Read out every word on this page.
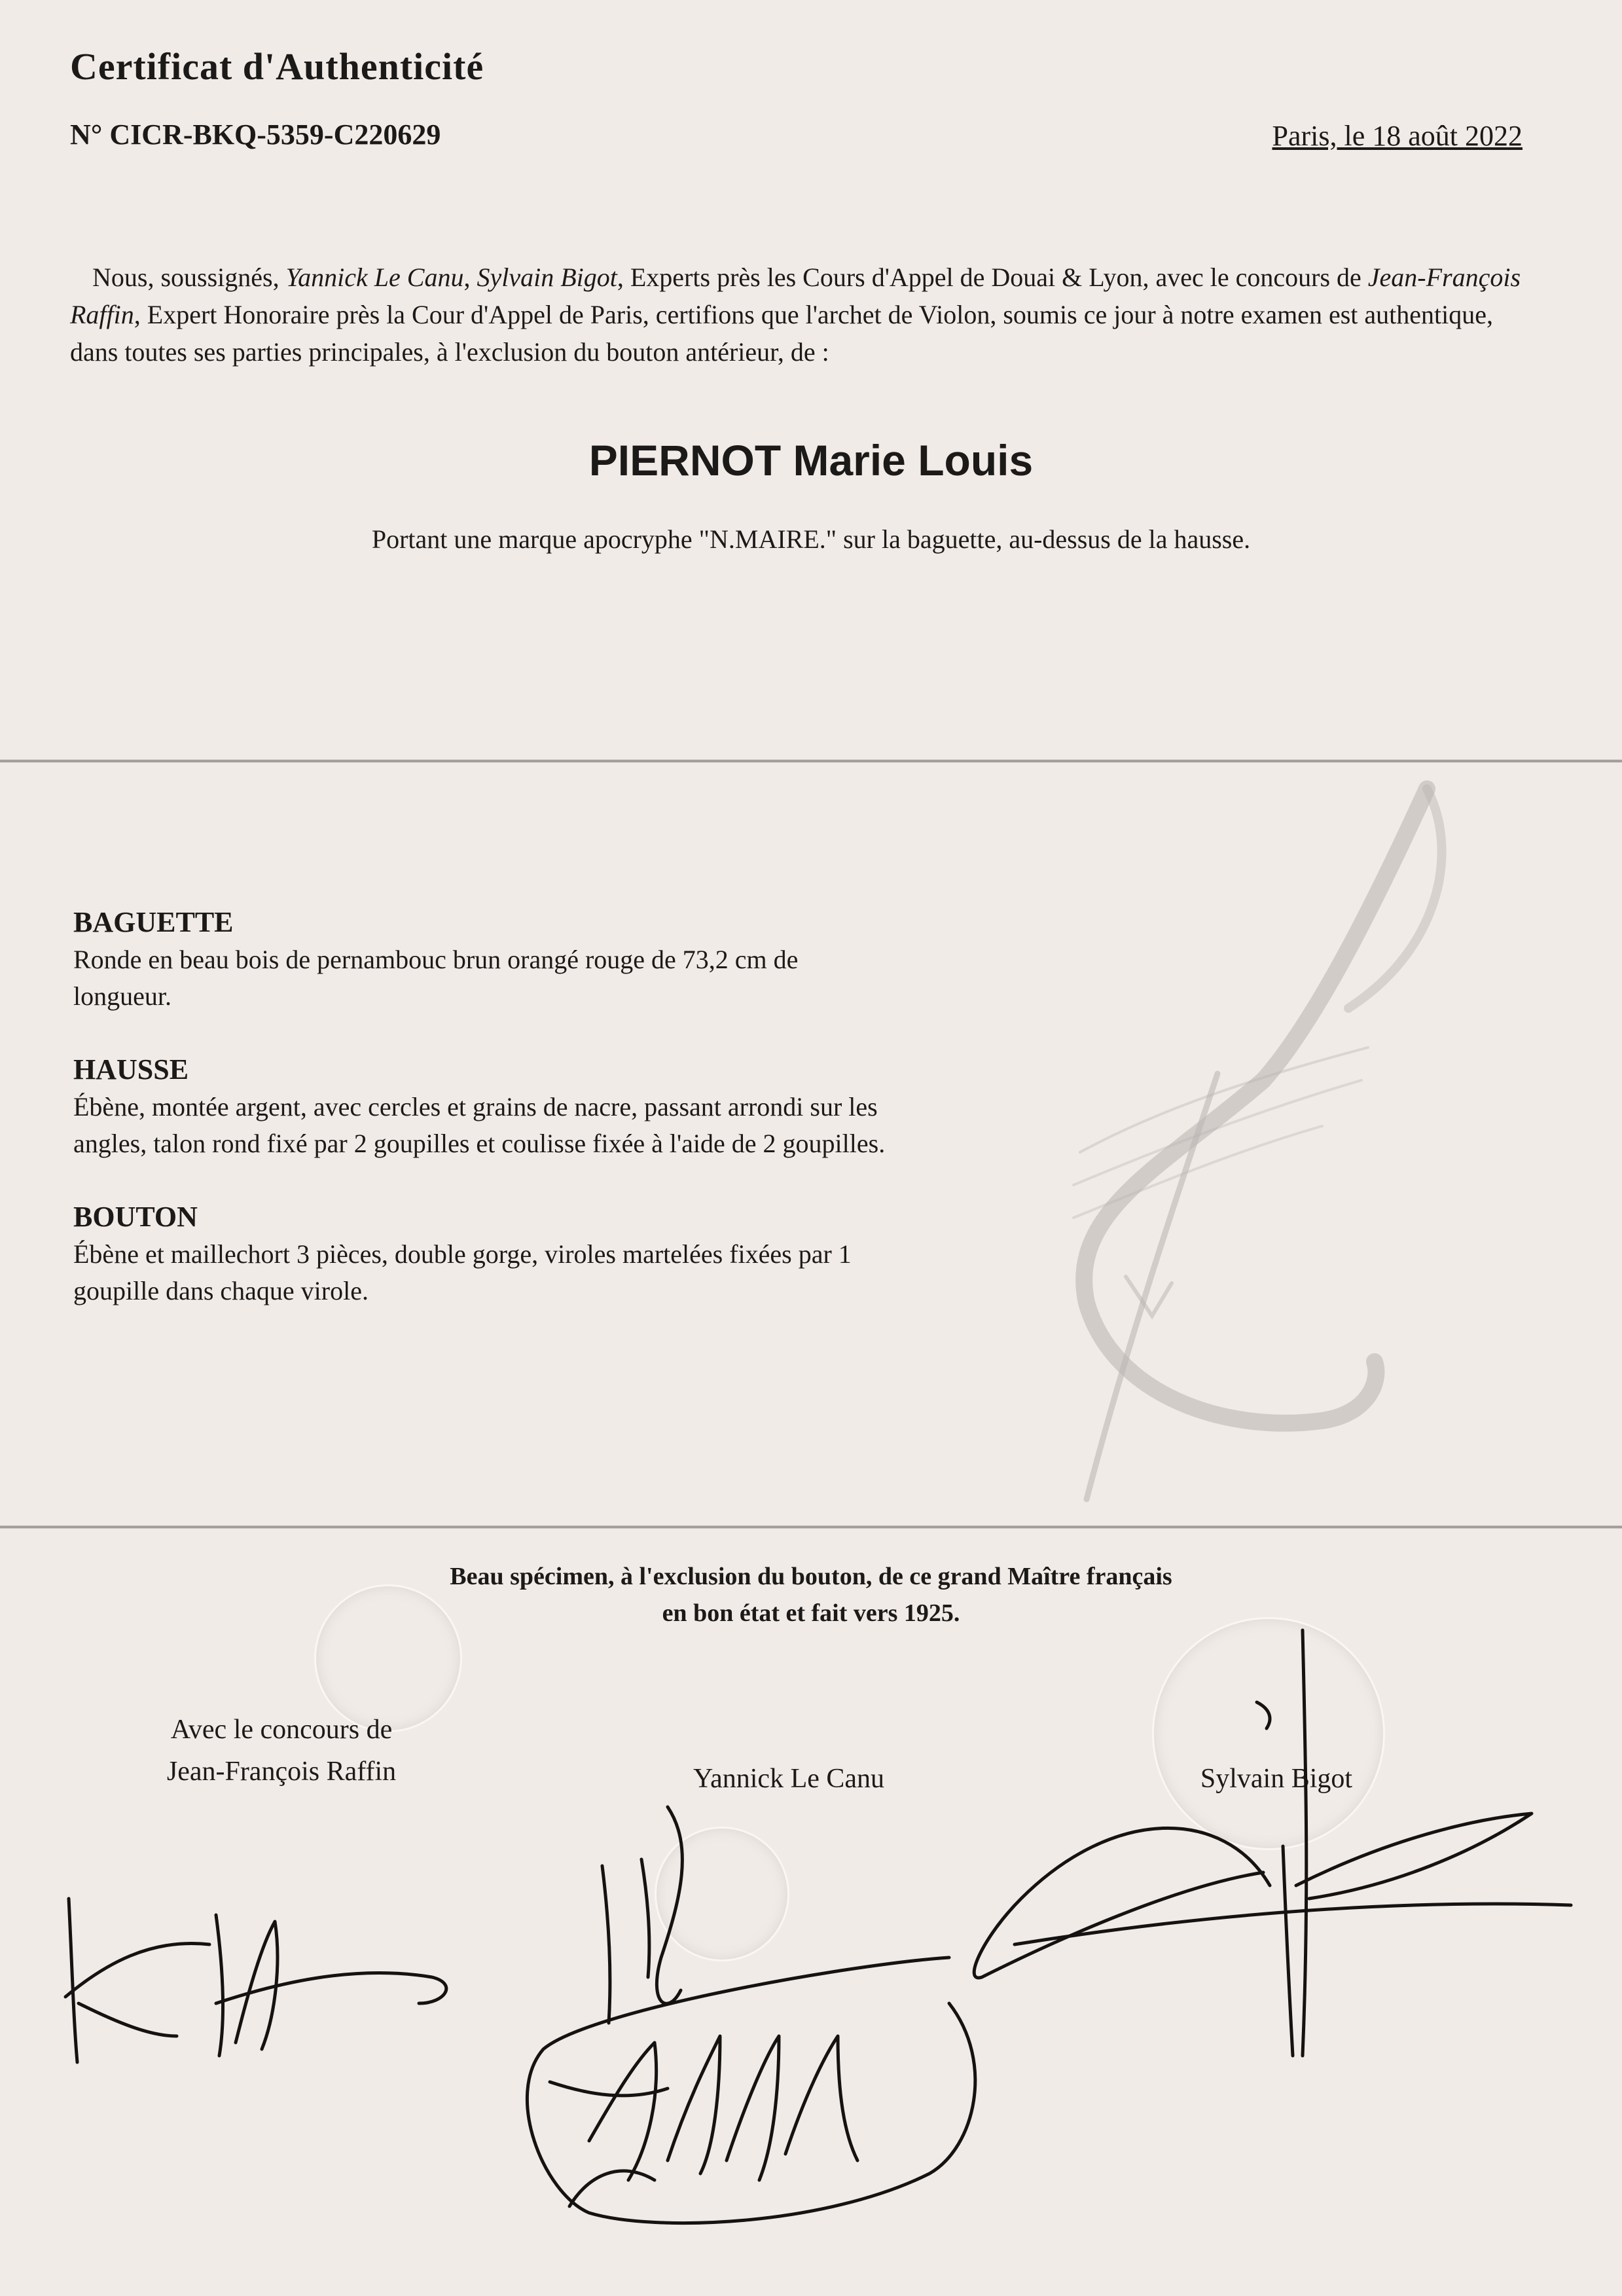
Certificat d'Authenticité
N° CICR-BKQ-5359-C220629	Paris, le 18 août 2022
Nous, soussignés, Yannick Le Canu, Sylvain Bigot, Experts près les Cours d'Appel de Douai & Lyon, avec le concours de Jean-François Raffin, Expert Honoraire près la Cour d'Appel de Paris, certifions que l'archet de Violon, soumis ce jour à notre examen est authentique, dans toutes ses parties principales, à l'exclusion du bouton antérieur, de :
PIERNOT Marie Louis
Portant une marque apocryphe "N.MAIRE." sur la baguette, au-dessus de la hausse.
BAGUETTE
Ronde en beau bois de pernambouc brun orangé rouge de 73,2 cm de
longueur.
HAUSSE
Ébène, montée argent, avec cercles et grains de nacre, passant arrondi sur les
angles, talon rond fixé par 2 goupilles et coulisse fixée à l'aide de 2 goupilles.
BOUTON
Ébène et maillechort 3 pièces, double gorge, viroles martelées fixées par 1
goupille dans chaque virole.
Beau spécimen, à l'exclusion du bouton, de ce grand Maître français
en bon état et fait vers 1925.
Avec le concours de
Jean-François Raffin	Yannick Le Canu	Sylvain Bigot
